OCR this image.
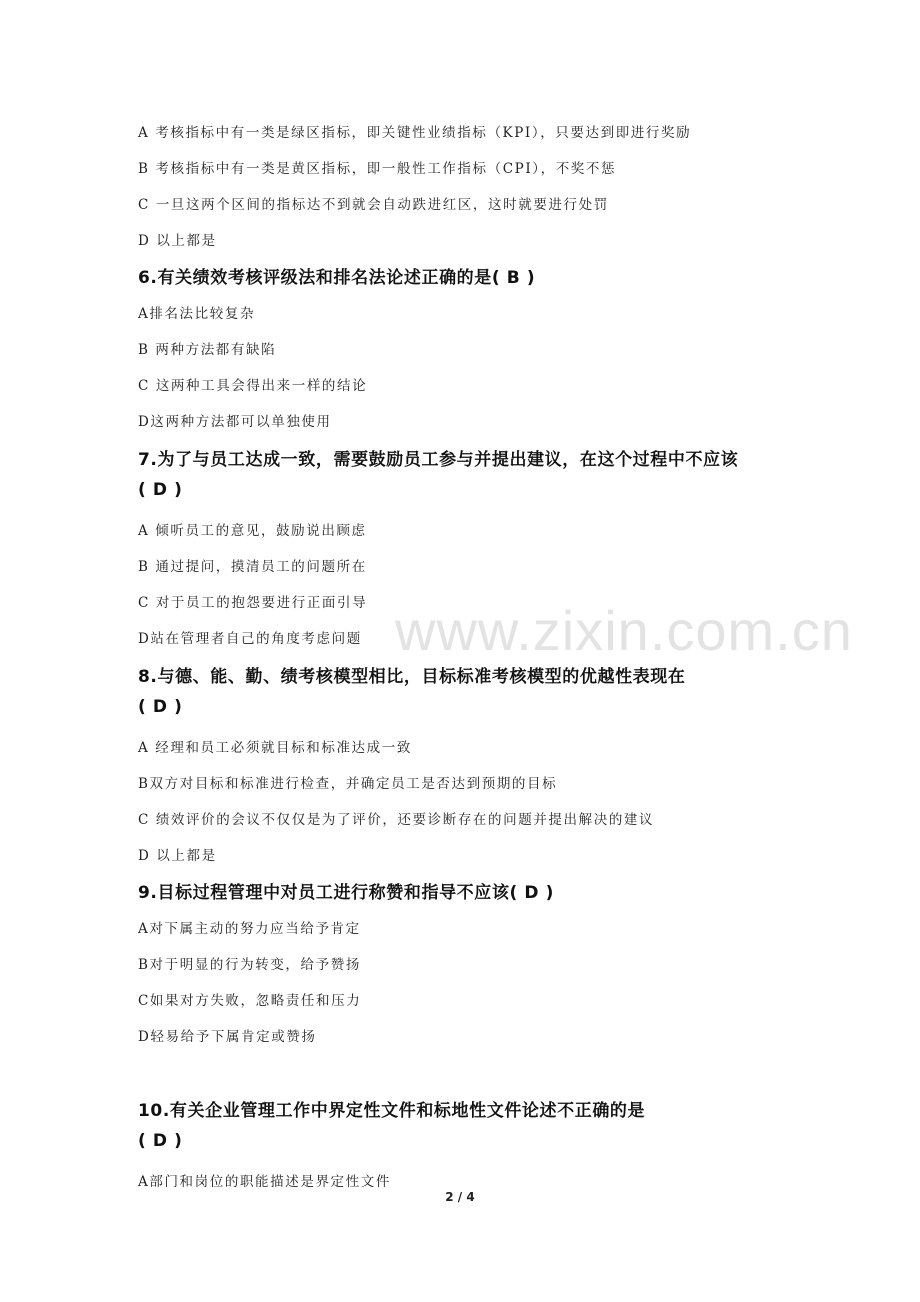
www.zixin.com.cn
A 考核指标中有一类是绿区指标，即关键性业绩指标（KPI），只要达到即进行奖励
B 考核指标中有一类是黄区指标，即一般性工作指标（CPI），不奖不惩
C 一旦这两个区间的指标达不到就会自动跌进红区，这时就要进行处罚
D 以上都是
6.有关绩效考核评级法和排名法论述正确的是( B )
A排名法比较复杂
B 两种方法都有缺陷
C 这两种工具会得出来一样的结论
D这两种方法都可以单独使用
7.为了与员工达成一致，需要鼓励员工参与并提出建议，在这个过程中不应该
( D )
A 倾听员工的意见，鼓励说出顾虑
B 通过提问，摸清员工的问题所在
C 对于员工的抱怨要进行正面引导
D站在管理者自己的角度考虑问题
8.与德、能、勤、绩考核模型相比，目标标准考核模型的优越性表现在
( D )
A 经理和员工必须就目标和标准达成一致
B双方对目标和标准进行检查，并确定员工是否达到预期的目标
C 绩效评价的会议不仅仅是为了评价，还要诊断存在的问题并提出解决的建议
D 以上都是
9.目标过程管理中对员工进行称赞和指导不应该( D )
A对下属主动的努力应当给予肯定
B对于明显的行为转变，给予赞扬
C如果对方失败，忽略责任和压力
D轻易给予下属肯定或赞扬
10.有关企业管理工作中界定性文件和标地性文件论述不正确的是
( D )
A部门和岗位的职能描述是界定性文件
2 / 4
